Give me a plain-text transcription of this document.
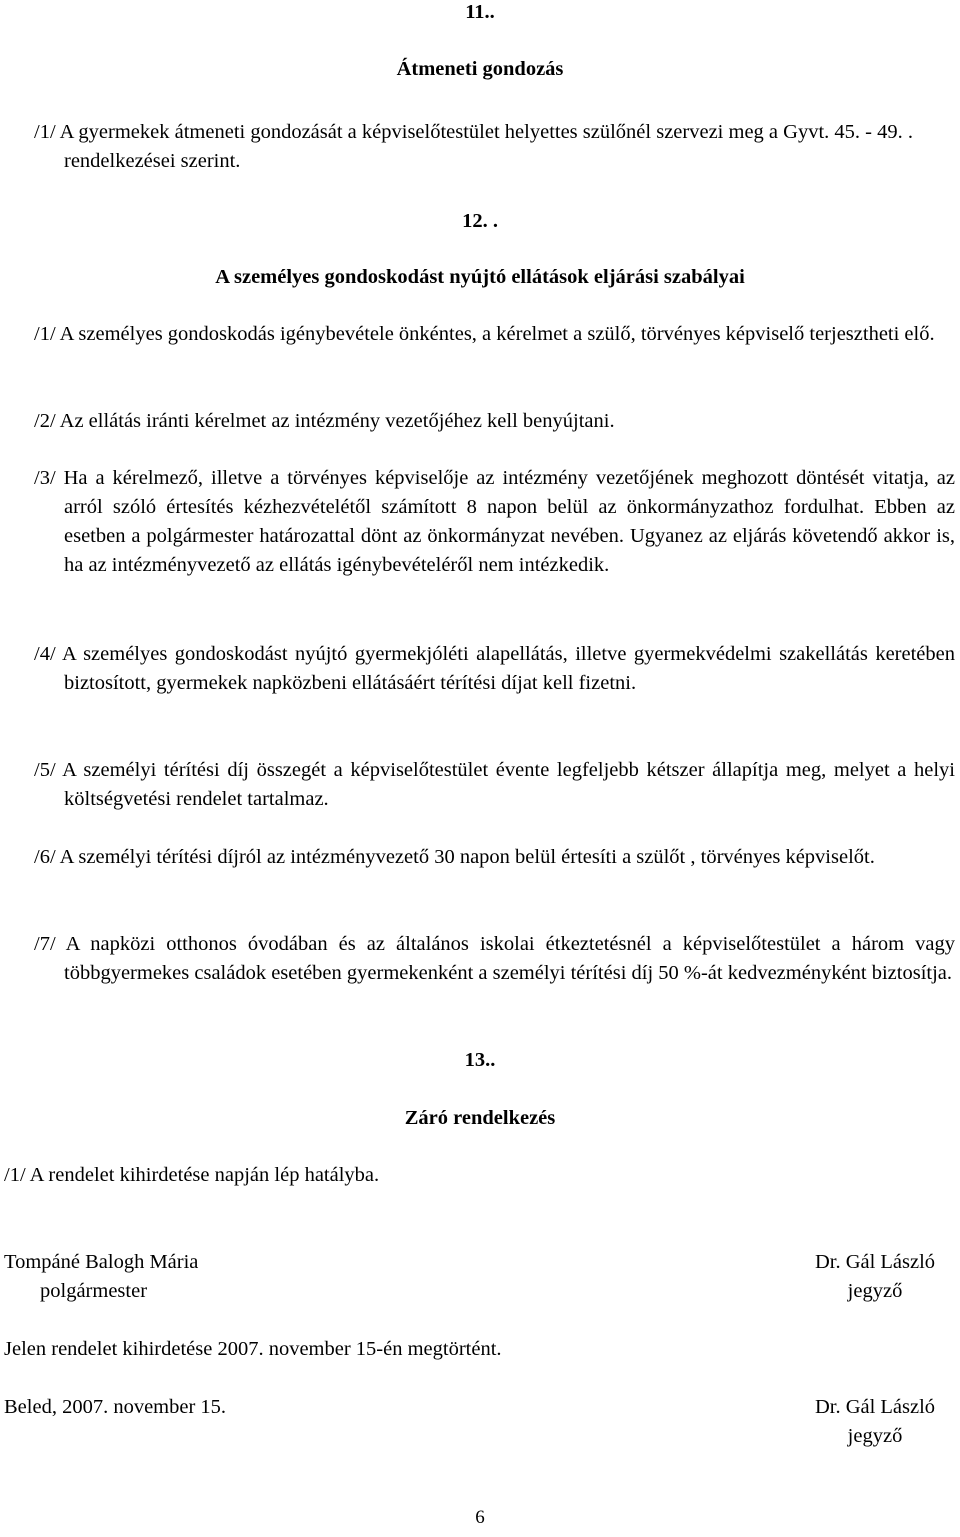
11..
Átmeneti gondozás
/1/ A gyermekek átmeneti gondozását a képviselőtestület helyettes szülőnél szervezi meg a Gyvt. 45. - 49. . rendelkezései szerint.
12. .
A személyes gondoskodást nyújtó ellátások eljárási szabályai
/1/ A személyes gondoskodás igénybevétele önkéntes, a kérelmet a szülő, törvényes képviselő terjesztheti elő.
/2/ Az ellátás iránti kérelmet az intézmény vezetőjéhez kell benyújtani.
/3/ Ha a kérelmező, illetve a törvényes képviselője az intézmény vezetőjének meghozott döntését vitatja, az arról szóló értesítés kézhezvételétől számított 8 napon belül az önkormányzathoz fordulhat. Ebben az esetben a polgármester határozattal dönt az önkormányzat nevében. Ugyanez az eljárás követendő akkor is, ha az intézményvezető az ellátás igénybevételéről nem intézkedik.
/4/ A személyes gondoskodást nyújtó gyermekjóléti alapellátás, illetve gyermekvédelmi szakellátás keretében biztosított, gyermekek napközbeni ellátásáért térítési díjat kell fizetni.
/5/ A személyi térítési díj összegét a képviselőtestület évente legfeljebb kétszer állapítja meg, melyet a helyi költségvetési rendelet tartalmaz.
/6/ A személyi térítési díjról az intézményvezető 30 napon belül értesíti a szülőt , törvényes képviselőt.
/7/ A napközi otthonos óvodában és az általános iskolai étkeztetésnél a képviselőtestület a három vagy többgyermekes családok esetében gyermekenként a személyi térítési díj 50 %-át kedvezményként biztosítja.
13..
Záró rendelkezés
/1/ A rendelet kihirdetése napján lép hatályba.
Tompáné Balogh Mária
polgármester
Dr. Gál László
jegyző
Jelen rendelet kihirdetése 2007. november 15-én megtörtént.
Beled, 2007. november 15.	Dr. Gál László
jegyző
6
